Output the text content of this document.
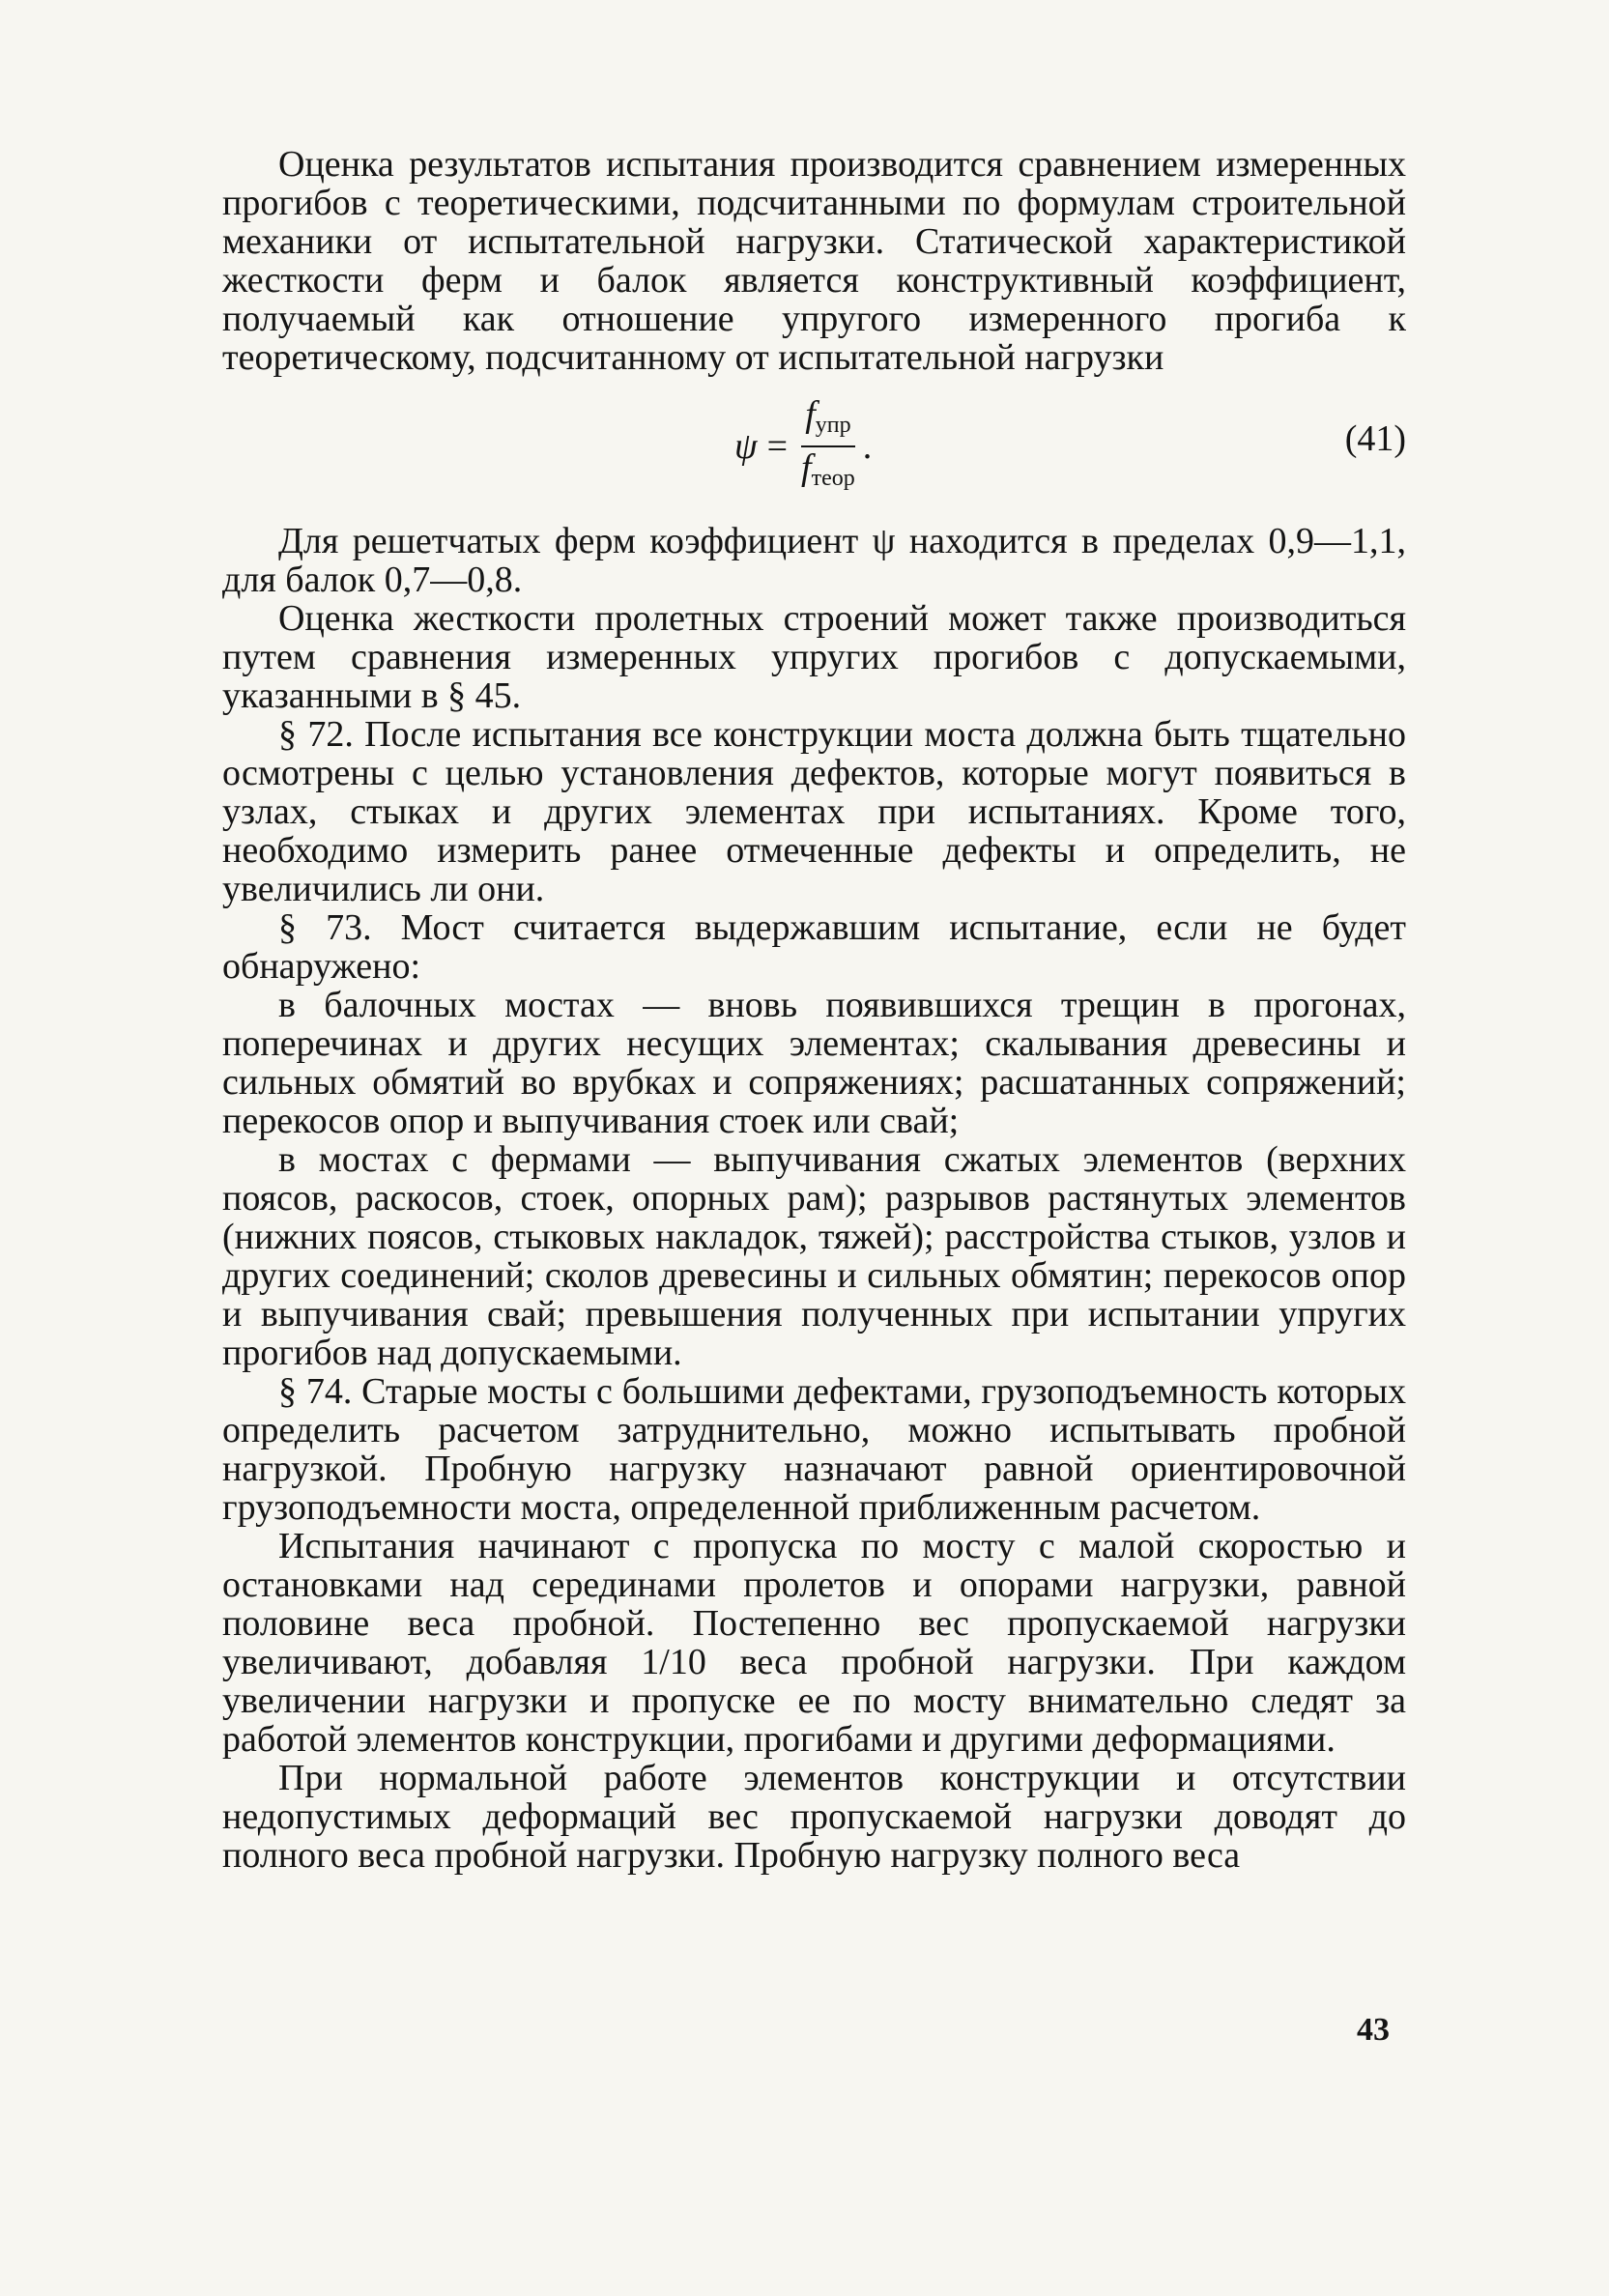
Оценка результатов испытания производится сравнением измеренных прогибов с теоретическими, подсчитанными по формулам строительной механики от испытательной нагрузки. Статической характеристикой жесткости ферм и балок является конструктивный коэффициент, получаемый как отношение упругого измеренного прогиба к теоретическому, подсчитанному от испытательной нагрузки

$\psi = \frac{f_{упр}}{f_{теор}}$ .	(41)

Для решетчатых ферм коэффициент ψ находится в пределах 0,9—1,1, для балок 0,7—0,8.

Оценка жесткости пролетных строений может также производиться путем сравнения измеренных упругих прогибов с допускаемыми, указанными в § 45.

§ 72. После испытания все конструкции моста должна быть тщательно осмотрены с целью установления дефектов, которые могут появиться в узлах, стыках и других элементах при испытаниях. Кроме того, необходимо измерить ранее отмеченные дефекты и определить, не увеличились ли они.

§ 73. Мост считается выдержавшим испытание, если не будет обнаружено:

в балочных мостах — вновь появившихся трещин в прогонах, поперечинах и других несущих элементах; скалывания древесины и сильных обмятий во врубках и сопряжениях; расшатанных сопряжений; перекосов опор и выпучивания стоек или свай;

в мостах с фермами — выпучивания сжатых элементов (верхних поясов, раскосов, стоек, опорных рам); разрывов растянутых элементов (нижних поясов, стыковых накладок, тяжей); расстройства стыков, узлов и других соединений; сколов древесины и сильных обмятин; перекосов опор и выпучивания свай; превышения полученных при испытании упругих прогибов над допускаемыми.

§ 74. Старые мосты с большими дефектами, грузоподъемность которых определить расчетом затруднительно, можно испытывать пробной нагрузкой. Пробную нагрузку назначают равной ориентировочной грузоподъемности моста, определенной приближенным расчетом.

Испытания начинают с пропуска по мосту с малой скоростью и остановками над серединами пролетов и опорами нагрузки, равной половине веса пробной. Постепенно вес пропускаемой нагрузки увеличивают, добавляя 1/10 веса пробной нагрузки. При каждом увеличении нагрузки и пропуске ее по мосту внимательно следят за работой элементов конструкции, прогибами и другими деформациями.

При нормальной работе элементов конструкции и отсутствии недопустимых деформаций вес пропускаемой нагрузки доводят до полного веса пробной нагрузки. Пробную нагрузку полного веса

43
